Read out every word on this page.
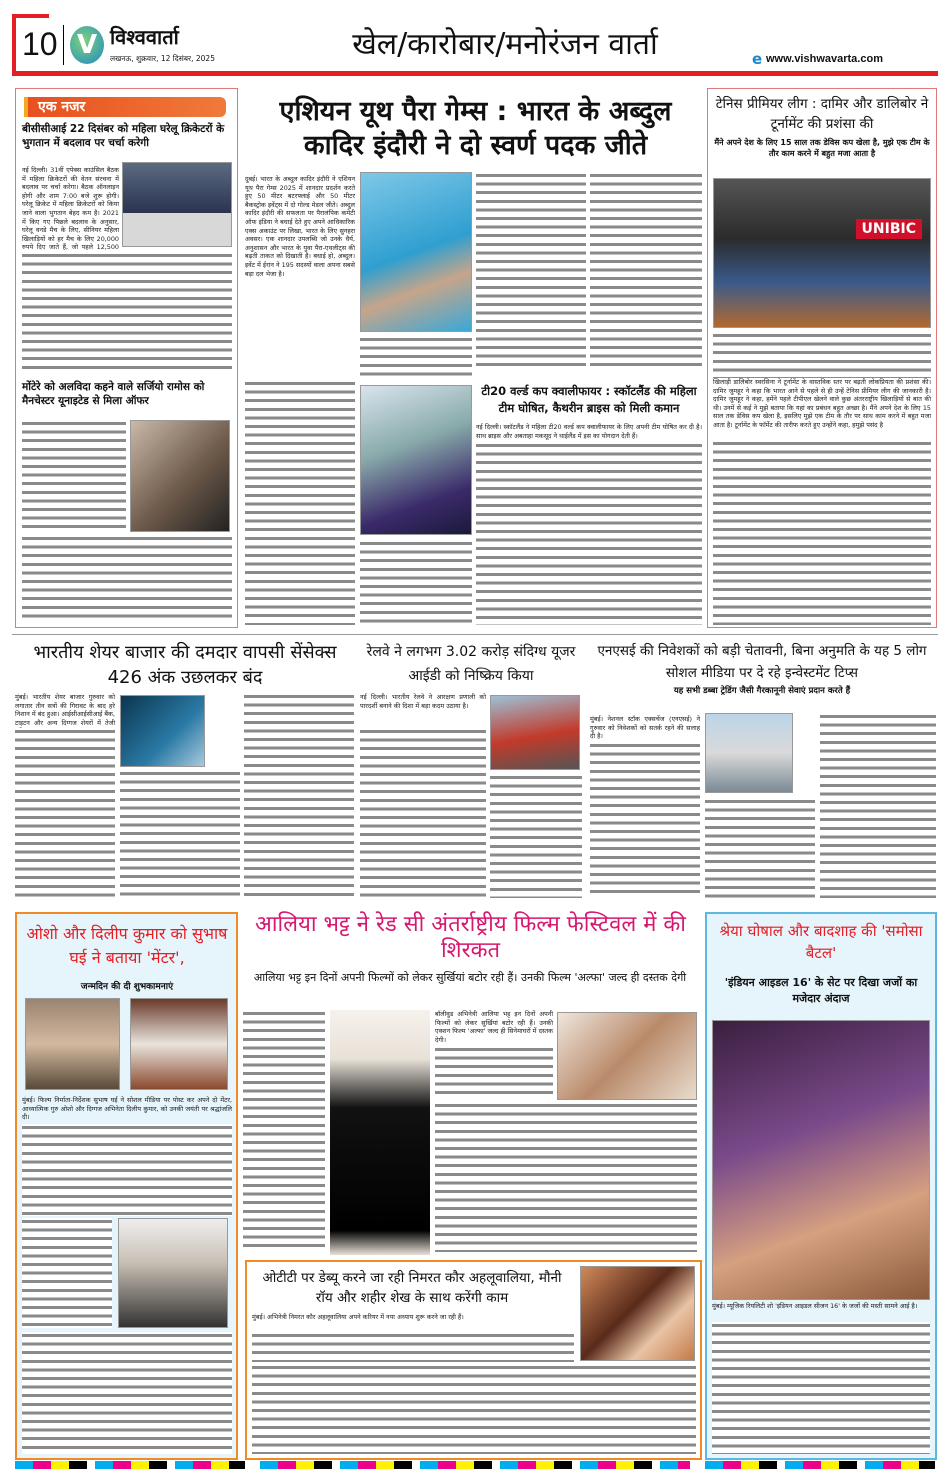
10 V विश्ववार्ता
लखनऊ, शुक्रवार, 12 दिसंबर, 2025	खेल/कारोबार/मनोरंजन वार्ता	e www.vishwavarta.com
एक नजर
बीसीसीआई 22 दिसंबर को महिला घरेलू क्रिकेटरों के भुगतान में बदलाव पर चर्चा करेगी
नई दिल्ली। 31वीं एपेक्स काउंसिल बैठक में महिला क्रिकेटरों की वेतन संरचना में बदलाव पर चर्चा करेगा। बैठक ऑनलाइन होगी और शाम 7:00 बजे शुरू होगी। घरेलू क्रिकेट में महिला क्रिकेटरों को किया जाने वाला भुगतान बेहद कम है। 2021 में किए गए पिछले बदलाव के अनुसार, घरेलू वनडे मैच के लिए, सीनियर महिला खिलाड़ियों को हर मैच के लिए 20,000 रुपये दिए जाते हैं, जो पहले 12,500
मोंटेरे को अलविदा कहने वाले सर्जियो रामोस को मैनचेस्टर यूनाइटेड से मिला ऑफर
एशियन यूथ पैरा गेम्स : भारत के अब्दुल कादिर इंदौरी ने दो स्वर्ण पदक जीते
दुबई। भारत के अब्दुल कादिर इंदौरी ने एशियन यूथ पैरा गेम्स 2025 में शानदार प्रदर्शन करते हुए 50 मीटर बटरफ्लाई और 50 मीटर बैकस्ट्रोक इवेंट्स में दो गोल्ड मेडल जीते। अब्दुल कादिर इंदौरी की सफलता पर पैरालंपिक कमेटी ऑफ इंडिया ने बधाई देते हुए अपने आधिकारिक एक्स अकाउंट पर लिखा, भारत के लिए सुनहरा अवसर। एक शानदार उपलब्धि जो उनके धैर्य, अनुशासन और भारत के युवा पैरा-एथलीट्स की बढ़ती ताकत को दिखाती है। बधाई हो, अब्दुल। इवेंट में ईरान ने 195 सदस्यों वाला अपना सबसे बड़ा दल भेजा है।
टी20 वर्ल्ड कप क्वालीफायर : स्कॉटलैंड की महिला टीम घोषित, कैथरीन ब्राइस को मिली कमान
नई दिल्ली। स्कॉटलैंड ने महिला टी20 वर्ल्ड कप क्वालीफायर के लिए अपनी टीम घोषित कर दी है। साथ ब्राइस और अबताहा मकसूद ने थाईलैंड में इस का योगदान देती हैं।
टेनिस प्रीमियर लीग : दामिर और डालिबोर ने टूर्नामेंट की प्रशंसा की
मैंने अपने देश के लिए 15 साल तक डेविस कप खेला है, मुझे एक टीम के तौर काम करने में बहुत मजा आता है
UNIBIC
खिलाड़ी डालिबोर स्वरसिना ने टूर्नामेंट के वास्तविक स्तर पर बढ़ती लोकप्रियता की प्रशंसा की। दामिर जुमहूर ने कहा कि भारत आने से पहले से ही उन्हें टेनिस प्रीमियर लीग की जानकारी है। दामिर जुमहूर ने कहा, हमेंने पहले टीपीएल खेलने वाले कुछ अंतरराष्ट्रीय खिलाड़ियों से बात की थी। उनमें से कई ने मुझे बताया कि यहां का प्रबंधन बहुत अच्छा है। मैंने अपने देश के लिए 15 साल तक डेविस कप खेला है, इसलिए मुझे एक टीम के तौर पर साथ काम करने में बहुत मजा आता है। टूर्नामेंट के फॉर्मेट की तारीफ करते हुए उन्होंने कहा, हमुझे पसंद है
भारतीय शेयर बाजार की दमदार वापसी सेंसेक्स 426 अंक उछलकर बंद
मुंबई। भारतीय शेयर बाजार गुरुवार को लगातार तीन सत्रों की गिरावट के बाद हरे निशान में बंद हुआ। आईसीआईसीआई बैंक, टाइटन और अन्य दिग्गज शेयरों में तेजी
रेलवे ने लगभग 3.02 करोड़ संदिग्ध यूजर आईडी को निष्क्रिय किया
नई दिल्ली। भारतीय रेलवे ने आरक्षण प्रणाली को पारदर्शी बनाने की दिशा में बड़ा कदम उठाया है।
एनएसई की निवेशकों को बड़ी चेतावनी, बिना अनुमति के यह 5 लोग सोशल मीडिया पर दे रहे इन्वेस्टमेंट टिप्स
यह सभी डब्बा ट्रेडिंग जैसी गैरकानूनी सेवाएं प्रदान करते हैं
मुंबई। नेशनल स्टॉक एक्सचेंज (एनएसई) ने गुरुवार को निवेशकों को सतर्क रहने की सलाह दी है।
ओशो और दिलीप कुमार को सुभाष घई ने बताया 'मेंटर',
जन्मदिन की दी शुभकामनाएं
मुंबई। फिल्म निर्माता-निर्देशक सुभाष घई ने सोशल मीडिया पर पोस्ट कर अपने दो मेंटर, आध्यात्मिक गुरु ओशो और दिग्गज अभिनेता दिलीप कुमार, को उनकी जयंती पर श्रद्धांजलि दी।
आलिया भट्ट ने रेड सी अंतर्राष्ट्रीय फिल्म फेस्टिवल में की शिरकत
आलिया भट्ट इन दिनों अपनी फिल्मों को लेकर सुर्खियां बटोर रही हैं। उनकी फिल्म 'अल्फा' जल्द ही दस्तक देगी
बॉलीवुड अभिनेत्री आलिया भट्ट इन दिनों अपनी फिल्मों को लेकर सुर्खियां बटोर रही हैं। उनकी एक्शन फिल्म 'अल्फा' जल्द ही सिनेमाघरों में दस्तक देगी।
श्रेया घोषाल और बादशाह की 'समोसा बैटल'
'इंडियन आइडल 16' के सेट पर दिखा जजों का मजेदार अंदाज
मुंबई। म्यूजिक रियलिटी शो 'इंडियन आइडल सीजन 16' के जजों की मस्ती सामने आई है।
ओटीटी पर डेब्यू करने जा रही निमरत कौर अहलूवालिया, मौनी रॉय और शहीर शेख के साथ करेंगी काम
मुंबई। अभिनेत्री निमरत कौर अहलूवालिया अपने करियर में नया अध्याय शुरू करने जा रही हैं।
